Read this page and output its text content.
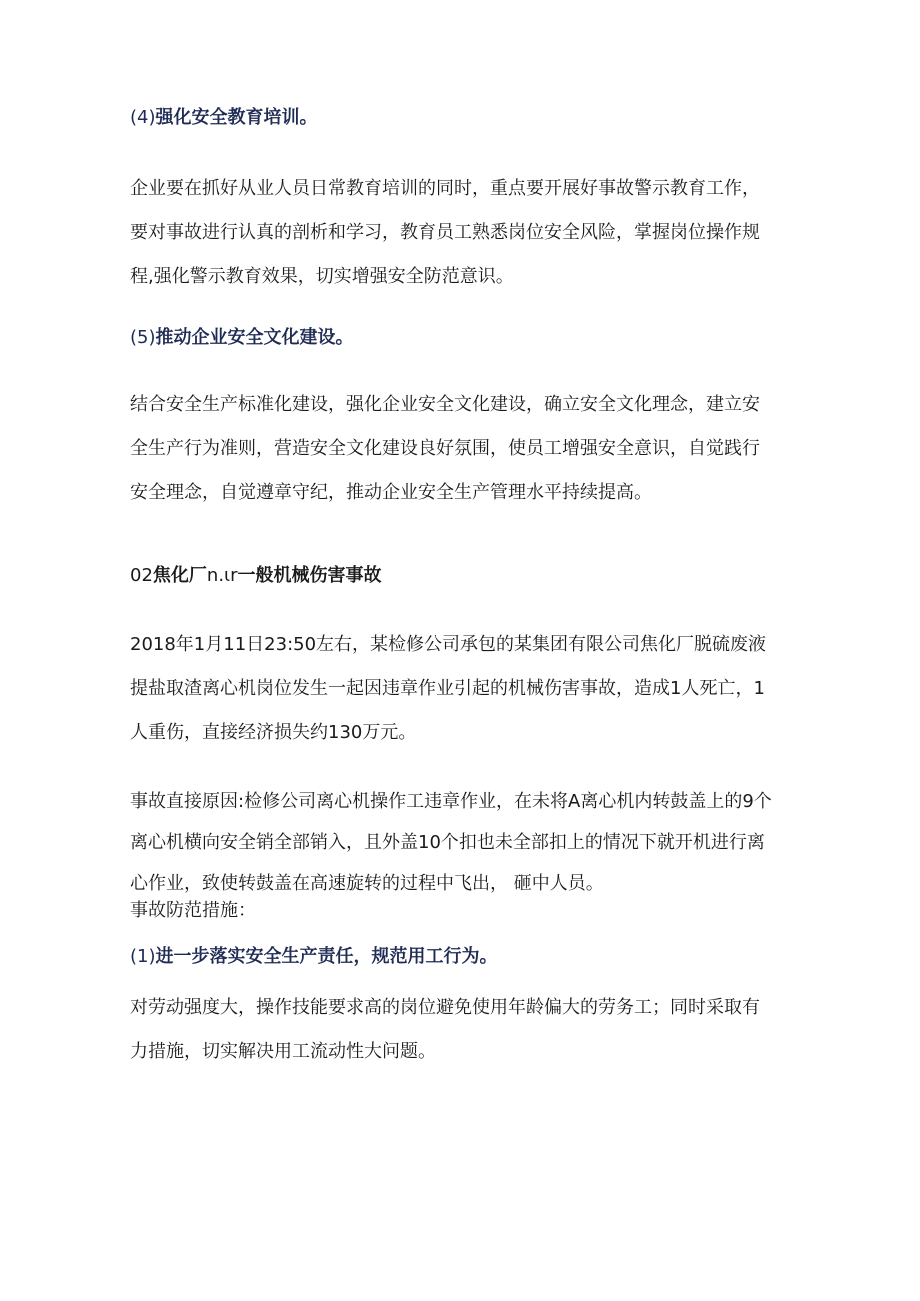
(4)强化安全教育培训。

企业要在抓好从业人员日常教育培训的同时，重点要开展好事故警示教育工作，
要对事故进行认真的剖析和学习，教育员工熟悉岗位安全风险，掌握岗位操作规
程,强化警示教育效果，切实增强安全防范意识。

(5)推动企业安全文化建设。

结合安全生产标准化建设，强化企业安全文化建设，确立安全文化理念，建立安
全生产行为准则，营造安全文化建设良好氛围，使员工增强安全意识，自觉践行
安全理念，自觉遵章守纪，推动企业安全生产管理水平持续提高。

02焦化厂n.ιr一般机械伤害事故

2018年1月11日23:50左右，某检修公司承包的某集团有限公司焦化厂脱硫废液
提盐取渣离心机岗位发生一起因违章作业引起的机械伤害事故，造成1人死亡，1
人重伤，直接经济损失约130万元。

事故直接原因:检修公司离心机操作工违章作业，在未将A离心机内转鼓盖上的9个
离心机横向安全销全部销入，且外盖10个扣也未全部扣上的情况下就开机进行离
心作业，致使转鼓盖在高速旋转的过程中飞出， 砸中人员。

事故防范措施：

(1)进一步落实安全生产责任，规范用工行为。

对劳动强度大，操作技能要求高的岗位避免使用年龄偏大的劳务工；同时采取有
力措施，切实解决用工流动性大问题。
